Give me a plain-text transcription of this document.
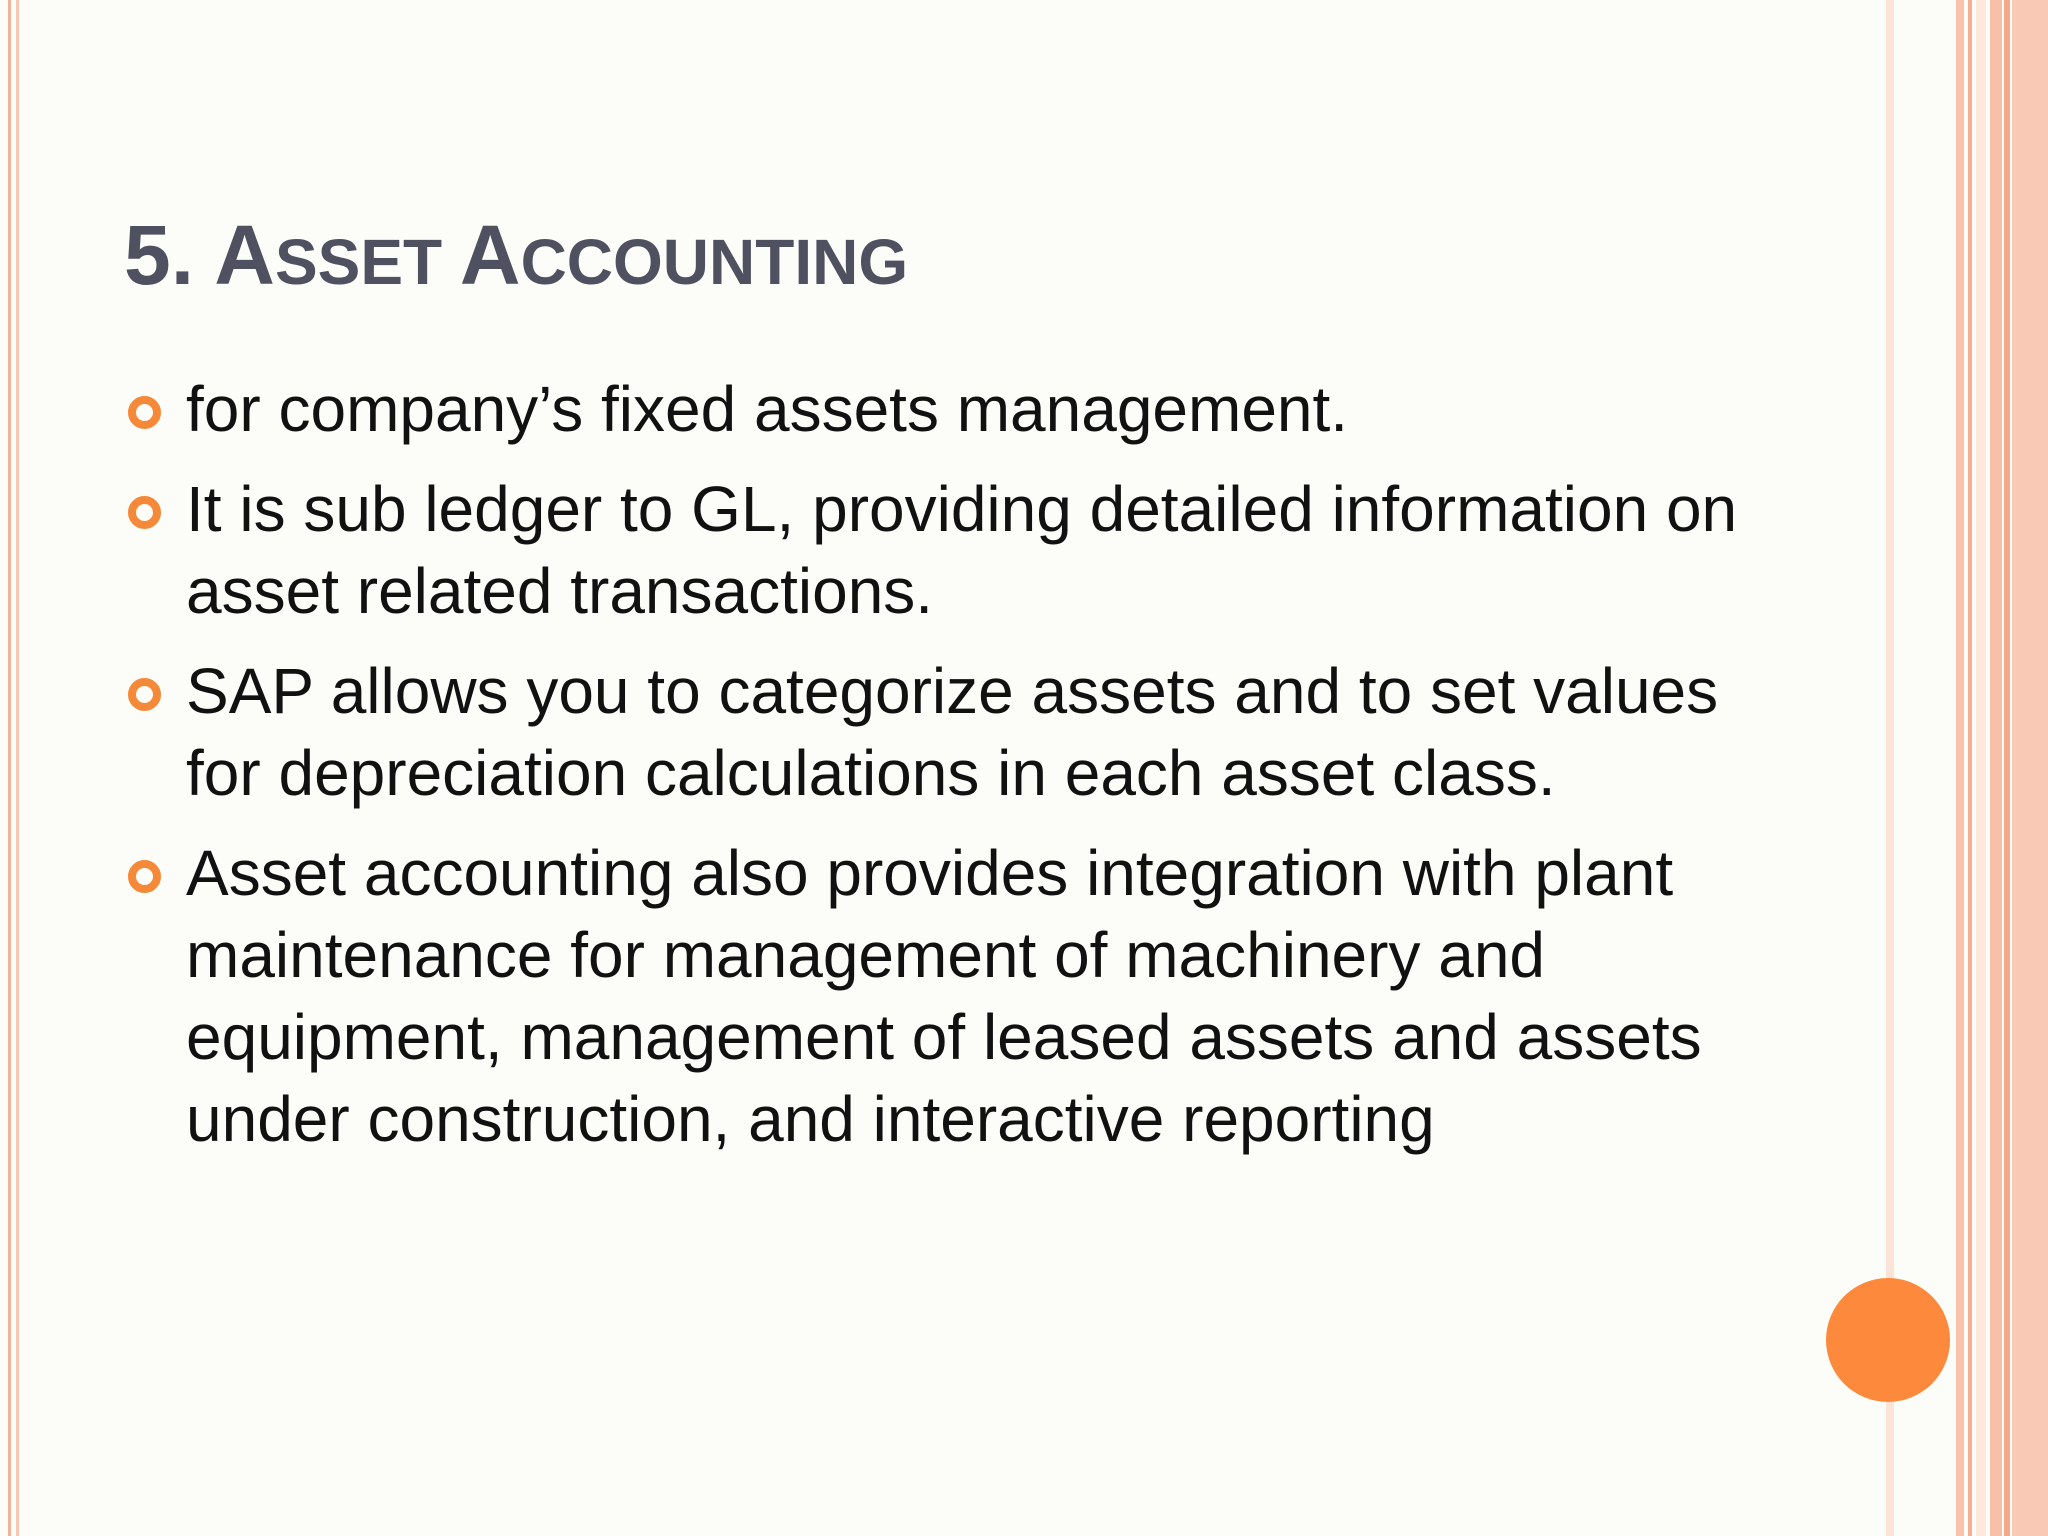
5. ASSET ACCOUNTING
for company’s fixed assets management.
It is sub ledger to GL, providing detailed information on asset related transactions.
SAP allows you to categorize assets and to set values for depreciation calculations in each asset class.
Asset accounting also provides integration with plant maintenance for management of machinery and equipment, management of leased assets and assets under construction, and interactive reporting
